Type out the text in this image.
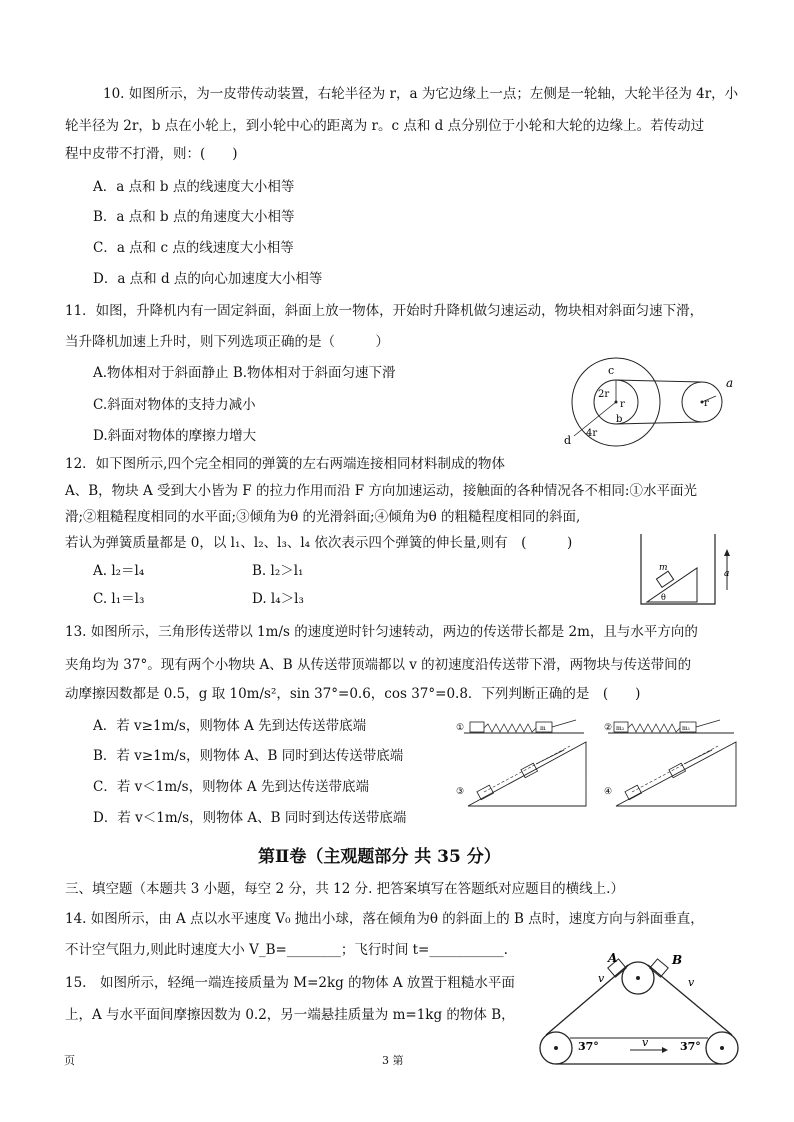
10. 如图所示，为一皮带传动装置，右轮半径为 r，a 为它边缘上一点；左侧是一轮轴，大轮半径为 4r，小
轮半径为 2r，b 点在小轮上，到小轮中心的距离为 r。c 点和 d 点分别位于小轮和大轮的边缘上。若传动过
程中皮带不打滑，则：(　　)
A．a 点和 b 点的线速度大小相等
B．a 点和 b 点的角速度大小相等
C．a 点和 c 点的线速度大小相等
D．a 点和 d 点的向心加速度大小相等
11．如图，升降机内有一固定斜面，斜面上放一物体，开始时升降机做匀速运动，物块相对斜面匀速下滑，
当升降机加速上升时，则下列选项正确的是（　　　）
A.物体相对于斜面静止 B.物体相对于斜面匀速下滑
C.斜面对物体的支持力减小
D.斜面对物体的摩擦力增大
c
2r
r
b
d
4r
a
r
12．如下图所示,四个完全相同的弹簧的左右两端连接相同材料制成的物体
A、B，物块 A 受到大小皆为 F 的拉力作用而沿 F 方向加速运动，接触面的各种情况各不相同:①水平面光
滑;②粗糙程度相同的水平面;③倾角为θ 的光滑斜面;④倾角为θ 的粗糙程度相同的斜面,
若认为弹簧质量都是 0，以 l₁、l₂、l₃、l₄ 依次表示四个弹簧的伸长量,则有　(　　　)
A. l₂＝l₄	B. l₂＞l₁
C. l₁＝l₃	D. l₄＞l₃
m
a
θ
13. 如图所示，三角形传送带以 1m/s 的速度逆时针匀速转动，两边的传送带长都是 2m，且与水平方向的
夹角均为 37°。现有两个小物块 A、B 从传送带顶端都以 v 的初速度沿传送带下滑，两物块与传送带间的
动摩擦因数都是 0.5，g 取 10m/s²，sin 37°=0.6，cos 37°=0.8．下列判断正确的是　(　　)
A．若 v≥1m/s，则物体 A 先到达传送带底端
B．若 v≥1m/s，则物体 A、B 同时到达传送带底端
C．若 v＜1m/s，则物体 A 先到达传送带底端
D．若 v＜1m/s，则物体 A、B 同时到达传送带底端
①	m	② m₂	m₁
③	④
第Ⅱ卷（主观题部分 共 35 分）
三、填空题（本题共 3 小题，每空 2 分，共 12 分. 把答案填写在答题纸对应题目的横线上.）
14. 如图所示，由 A 点以水平速度 V₀ 抛出小球，落在倾角为θ 的斜面上的 B 点时，速度方向与斜面垂直，
不计空气阻力,则此时速度大小 V_B=________；飞行时间 t=___________.
15.　如图所示，轻绳一端连接质量为 M=2kg 的物体 A 放置于粗糙水平面
上，A 与水平面间摩擦因数为 0.2，另一端悬挂质量为 m=1kg 的物体 B，
A	B
v	v
37°	v	37°
页	3 第
